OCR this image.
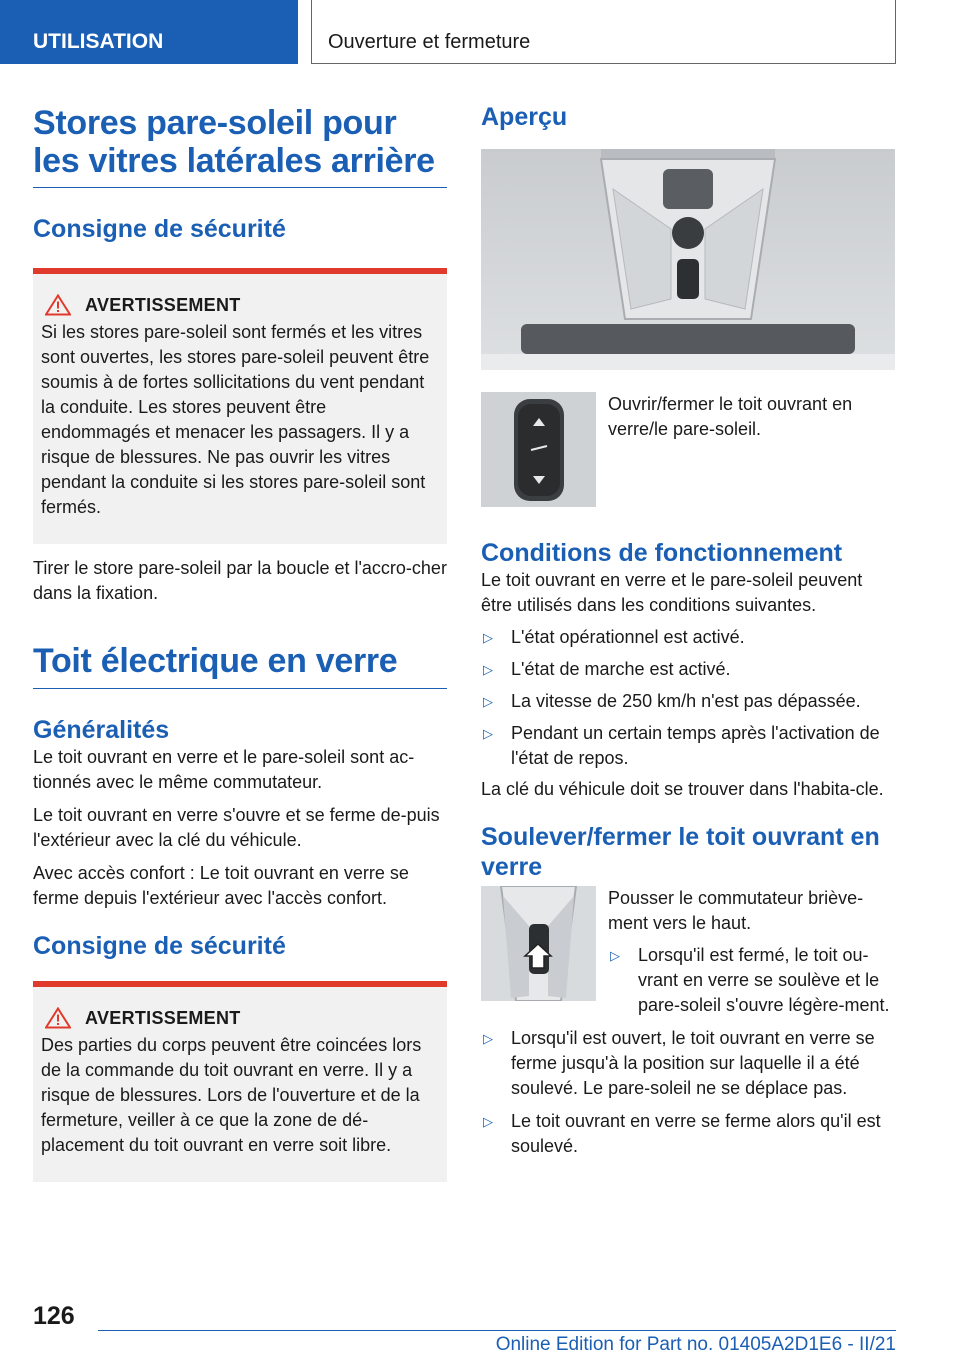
UTILISATION	Ouverture et fermeture
Stores pare-soleil pour les vitres latérales arrière
Consigne de sécurité
AVERTISSEMENT

Si les stores pare-soleil sont fermés et les vitres sont ouvertes, les stores pare-soleil peuvent être soumis à de fortes sollicitations du vent pendant la conduite. Les stores peuvent être endommagés et menacer les passagers. Il y a risque de blessures. Ne pas ouvrir les vitres pendant la conduite si les stores pare-soleil sont fermés.

Tirer le store pare-soleil par la boucle et l'accro-cher dans la fixation.

Toit électrique en verre
Généralités

Le toit ouvrant en verre et le pare-soleil sont ac-tionnés avec le même commutateur.

Le toit ouvrant en verre s'ouvre et se ferme de-puis l'extérieur avec la clé du véhicule.

Avec accès confort : Le toit ouvrant en verre se ferme depuis l'extérieur avec l'accès confort.

Consigne de sécurité
AVERTISSEMENT

Des parties du corps peuvent être coincées lors de la commande du toit ouvrant en verre. Il y a risque de blessures. Lors de l'ouverture et de la fermeture, veiller à ce que la zone de dé-placement du toit ouvrant en verre soit libre.

Aperçu

Ouvrir/fermer le toit ouvrant en verre/le pare-soleil.

Conditions de fonctionnement

Le toit ouvrant en verre et le pare-soleil peuvent être utilisés dans les conditions suivantes.

▷	L'état opérationnel est activé.
▷	L'état de marche est activé.
▷	La vitesse de 250 km/h n'est pas dépassée.
▷	Pendant un certain temps après l'activation de l'état de repos.

La clé du véhicule doit se trouver dans l'habita-cle.

Soulever/fermer le toit ouvrant en verre

Pousser le commutateur briève-ment vers le haut.

▷	Lorsqu'il est fermé, le toit ou-vrant en verre se soulève et le pare-soleil s'ouvre légère-ment.
▷	Lorsqu'il est ouvert, le toit ouvrant en verre se ferme jusqu'à la position sur laquelle il a été soulevé. Le pare-soleil ne se déplace pas.
▷	Le toit ouvrant en verre se ferme alors qu'il est soulevé.
126
Online Edition for Part no. 01405A2D1E6 - II/21
